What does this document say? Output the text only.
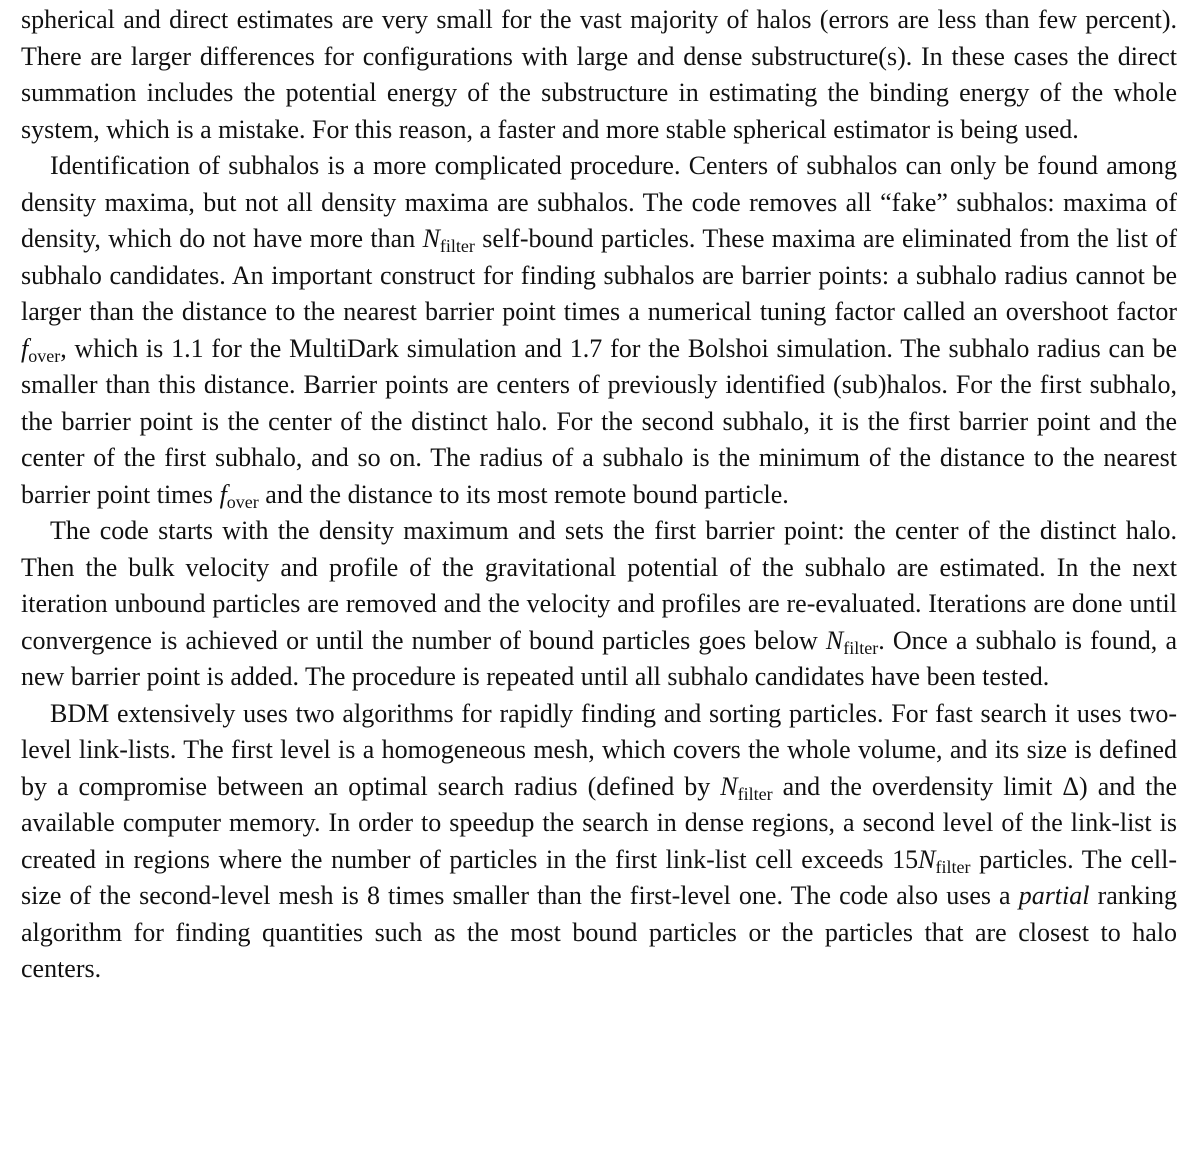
spherical and direct estimates are very small for the vast majority of halos (errors are less than few percent). There are larger differences for configurations with large and dense substructure(s). In these cases the direct summation includes the potential energy of the substructure in estimating the binding energy of the whole system, which is a mistake. For this reason, a faster and more stable spherical estimator is being used.

Identification of subhalos is a more complicated procedure. Centers of subhalos can only be found among density maxima, but not all density maxima are subhalos. The code removes all “fake” subhalos: maxima of density, which do not have more than $N_{filter}$ self-bound particles. These maxima are eliminated from the list of subhalo candidates. An important construct for finding subhalos are barrier points: a subhalo radius cannot be larger than the distance to the nearest barrier point times a numerical tuning factor called an overshoot factor $f_{over}$, which is 1.1 for the MultiDark simulation and 1.7 for the Bolshoi simulation. The subhalo radius can be smaller than this distance. Barrier points are centers of previously identified (sub)halos. For the first subhalo, the barrier point is the center of the distinct halo. For the second subhalo, it is the first barrier point and the center of the first subhalo, and so on. The radius of a subhalo is the minimum of the distance to the nearest barrier point times $f_{over}$ and the distance to its most remote bound particle.

The code starts with the density maximum and sets the first barrier point: the center of the distinct halo. Then the bulk velocity and profile of the gravitational potential of the subhalo are estimated. In the next iteration unbound particles are removed and the velocity and profiles are re-evaluated. Iterations are done until convergence is achieved or until the number of bound particles goes below $N_{filter}$. Once a subhalo is found, a new barrier point is added. The procedure is repeated until all subhalo candidates have been tested.

BDM extensively uses two algorithms for rapidly finding and sorting particles. For fast search it uses two-level link-lists. The first level is a homogeneous mesh, which covers the whole volume, and its size is defined by a compromise between an optimal search radius (defined by $N_{filter}$ and the overdensity limit Δ) and the available computer memory. In order to speedup the search in dense regions, a second level of the link-list is created in regions where the number of particles in the first link-list cell exceeds $15N_{filter}$ particles. The cell-size of the second-level mesh is 8 times smaller than the first-level one. The code also uses a partial ranking algorithm for finding quantities such as the most bound particles or the particles that are closest to halo centers.
